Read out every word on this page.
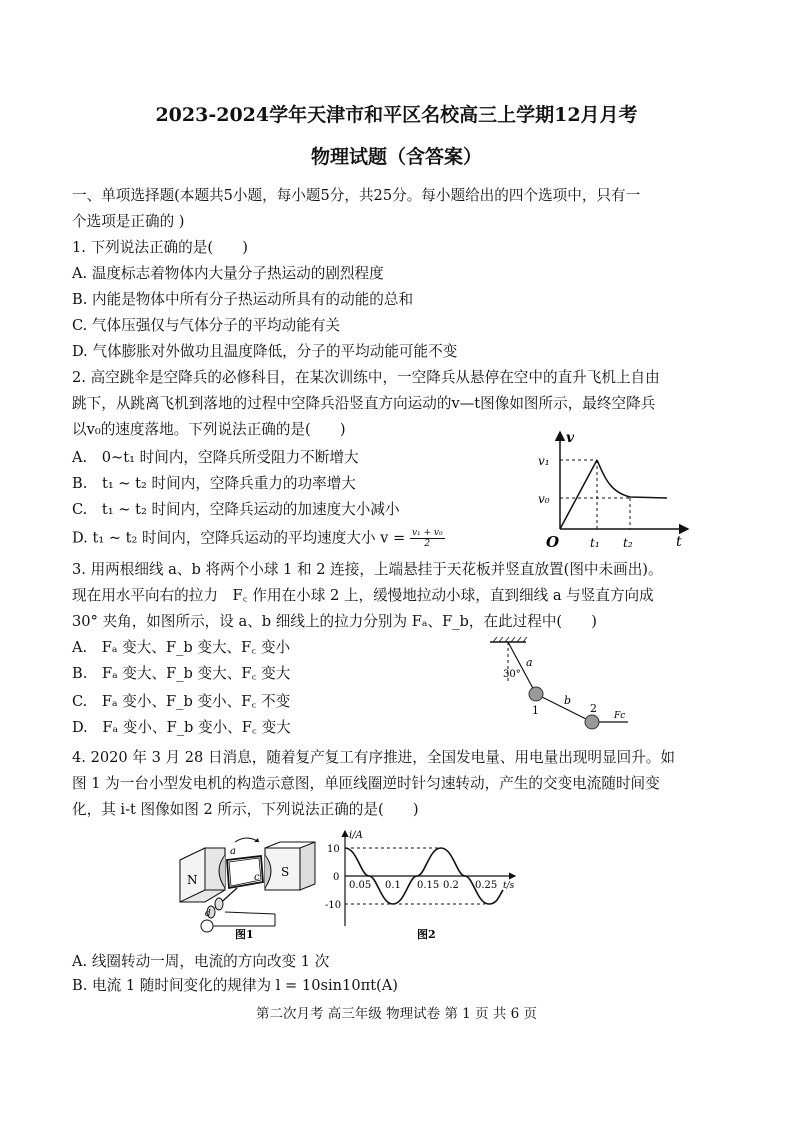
2023-2024学年天津市和平区名校高三上学期12月月考
物理试题（含答案）
一、单项选择题(本题共5小题，每小题5分，共25分。每小题给出的四个选项中，只有一
个选项是正确的 )
1. 下列说法正确的是(　　)
A. 温度标志着物体内大量分子热运动的剧烈程度
B. 内能是物体中所有分子热运动所具有的动能的总和
C. 气体压强仅与气体分子的平均动能有关
D. 气体膨胀对外做功且温度降低，分子的平均动能可能不变
2. 高空跳伞是空降兵的必修科目，在某次训练中，一空降兵从悬停在空中的直升飞机上自由
跳下，从跳离飞机到落地的过程中空降兵沿竖直方向运动的v—t图像如图所示，最终空降兵
以v₀的速度落地。下列说法正确的是(　　)
A.　0~t₁ 时间内，空降兵所受阻力不断增大
B.　t₁ ~ t₂ 时间内，空降兵重力的功率增大
C.　t₁ ~ t₂ 时间内，空降兵运动的加速度大小减小
D. t₁ ~ t₂ 时间内，空降兵运动的平均速度大小 $v = \frac{\text{v₁ + v₀}}{2}$
v
t
v₁
v₀
O	t₁ t₂
3. 用两根细线 a、b 将两个小球 1 和 2 连接，上端悬挂于天花板并竖直放置(图中未画出)。
现在用水平向右的拉力　F꜀ 作用在小球 2 上，缓慢地拉动小球，直到细线 a 与竖直方向成
30° 夹角，如图所示，设 a、b 细线上的拉力分别为 Fₐ、F_b，在此过程中(　　)
A.　Fₐ 变大、F_b 变大、F꜀ 变小
B.　Fₐ 变大、F_b 变大、F꜀ 变大
C.　Fₐ 变小、F_b 变小、F꜀ 不变
D.　Fₐ 变小、F_b 变小、F꜀ 变大
30°
a
b
1	2
Fc
4. 2020 年 3 月 28 日消息，随着复产复工有序推进，全国发电量、用电量出现明显回升。如
图 1 为一台小型发电机的构造示意图，单匝线圈逆时针匀速转动，产生的交变电流随时间变
化，其 i-t 图像如图 2 所示，下列说法正确的是(　　)
N
S
a
c
d
图1
i/A
t/s
10
0
-10
0.05 0.1 0.15 0.2 0.25
图2
A. 线圈转动一周，电流的方向改变 1 次
B. 电流 1 随时间变化的规律为 l = 10sin10πt(A)
第二次月考 高三年级 物理试卷 第 1 页 共 6 页
